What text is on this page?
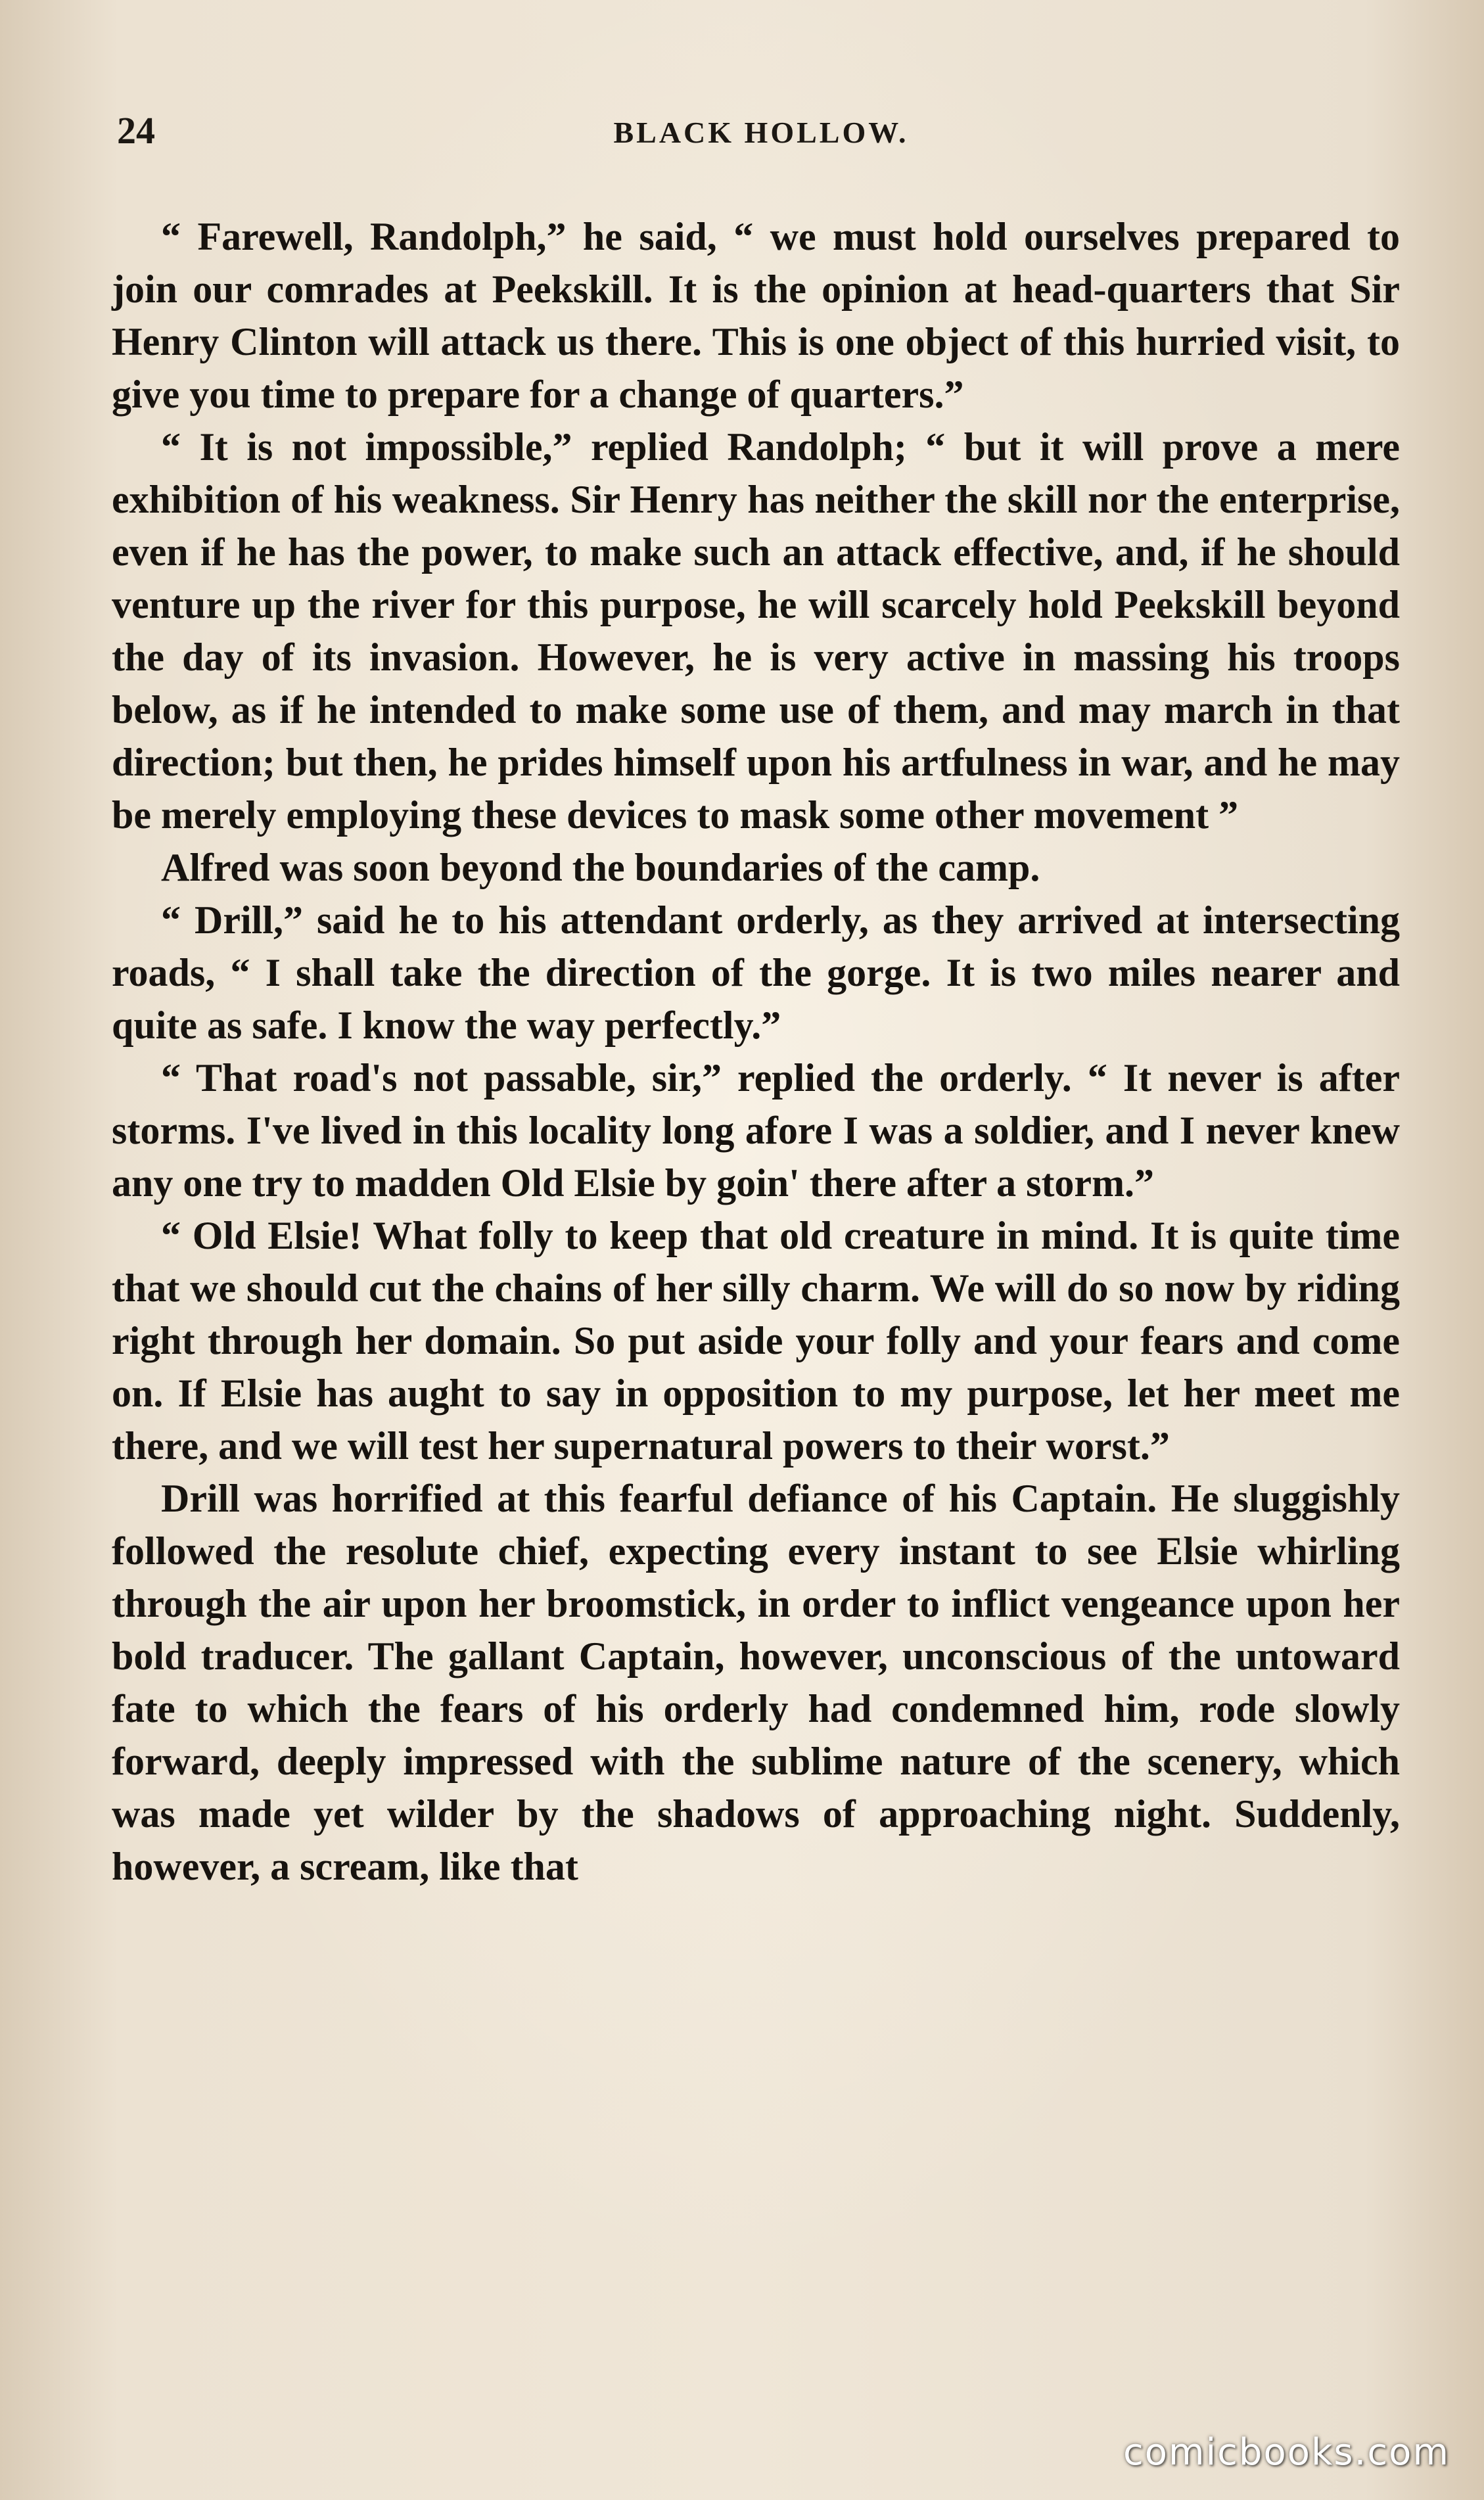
24	BLACK HOLLOW.

“ Farewell, Randolph,” he said, “ we must hold ourselves prepared to join our comrades at Peekskill. It is the opinion at head-quarters that Sir Henry Clinton will attack us there. This is one object of this hurried visit, to give you time to prepare for a change of quarters.”

“ It is not impossible,” replied Randolph; “ but it will prove a mere exhibition of his weakness. Sir Henry has neither the skill nor the enterprise, even if he has the power, to make such an attack effective, and, if he should venture up the river for this purpose, he will scarcely hold Peekskill beyond the day of its invasion. However, he is very active in massing his troops below, as if he intended to make some use of them, and may march in that direction; but then, he prides himself upon his artfulness in war, and he may be merely employing these devices to mask some other movement ”

Alfred was soon beyond the boundaries of the camp.

“ Drill,” said he to his attendant orderly, as they arrived at intersecting roads, “ I shall take the direction of the gorge. It is two miles nearer and quite as safe. I know the way perfectly.”

“ That road's not passable, sir,” replied the orderly. “ It never is after storms. I've lived in this locality long afore I was a soldier, and I never knew any one try to madden Old Elsie by goin' there after a storm.”

“ Old Elsie! What folly to keep that old creature in mind. It is quite time that we should cut the chains of her silly charm. We will do so now by riding right through her domain. So put aside your folly and your fears and come on. If Elsie has aught to say in opposition to my purpose, let her meet me there, and we will test her supernatural powers to their worst.”

Drill was horrified at this fearful defiance of his Captain. He sluggishly followed the resolute chief, expecting every instant to see Elsie whirling through the air upon her broomstick, in order to inflict vengeance upon her bold traducer. The gallant Captain, however, unconscious of the untoward fate to which the fears of his orderly had condemned him, rode slowly forward, deeply impressed with the sublime nature of the scenery, which was made yet wilder by the shadows of approaching night. Suddenly, however, a scream, like that

comicbooks.com
